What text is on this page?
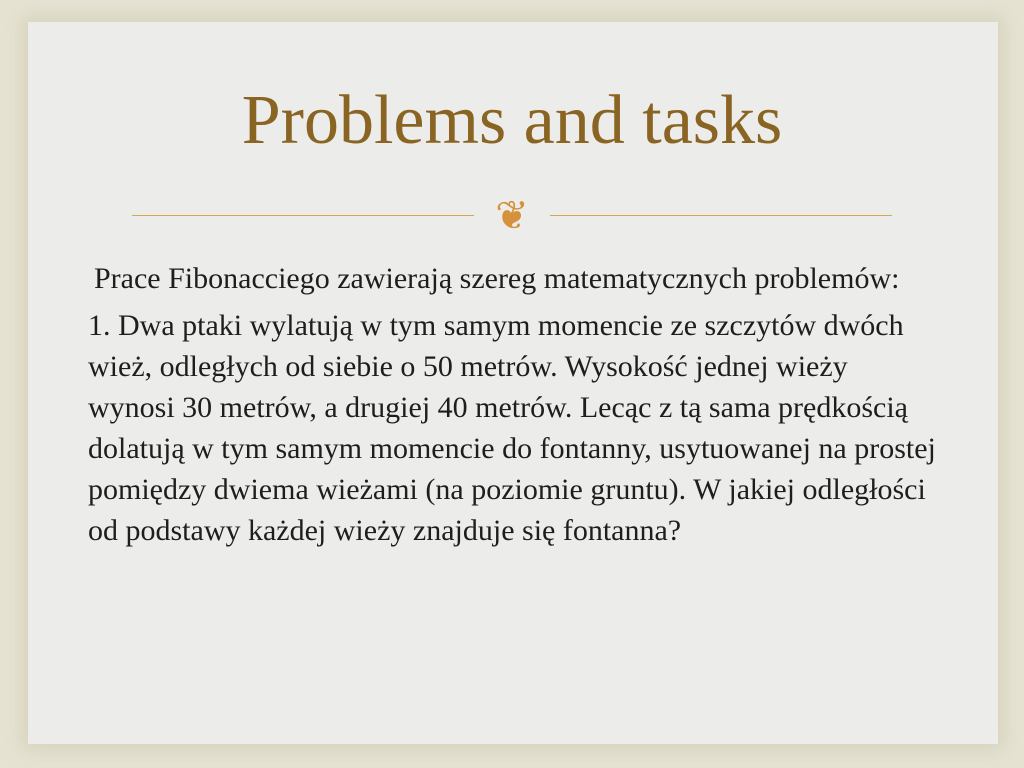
Problems and tasks
❦

Prace Fibonacciego zawierają szereg matematycznych problemów:

1. Dwa ptaki wylatują w tym samym momencie ze szczytów dwóch wież, odległych od siebie o 50 metrów. Wysokość jednej wieży wynosi 30 metrów, a drugiej 40 metrów. Lecąc z tą sama prędkością dolatują w tym samym momencie do fontanny, usytuowanej na prostej pomiędzy dwiema wieżami (na poziomie gruntu). W jakiej odległości od podstawy każdej wieży znajduje się fontanna?
